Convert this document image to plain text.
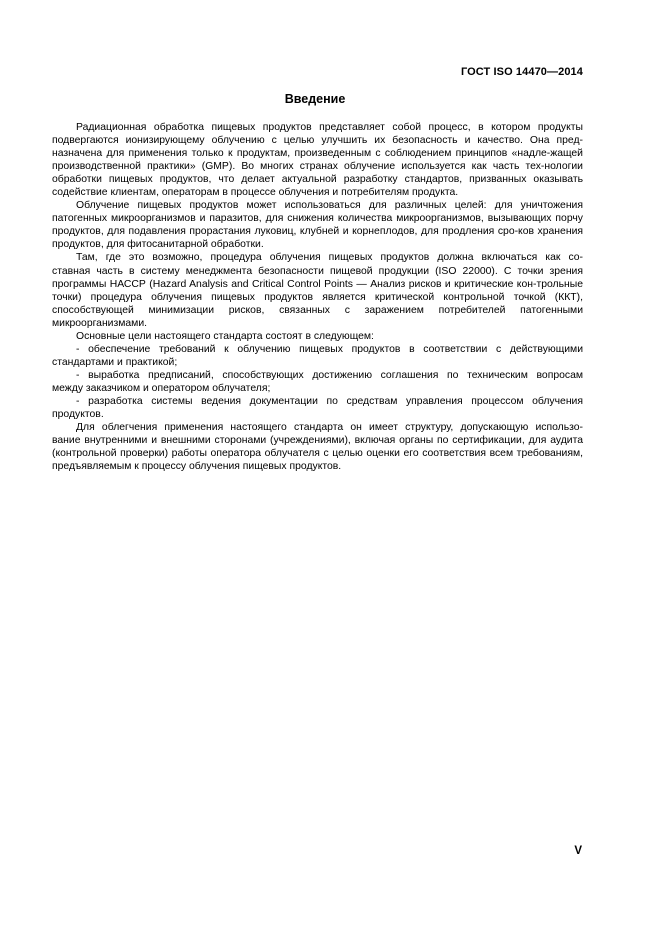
ГОСТ ISO 14470—2014
Введение
Радиационная обработка пищевых продуктов представляет собой процесс, в котором продукты
подвергаются ионизирующему облучению с целью улучшить их безопасность и качество. Она пред-назначена для применения только к продуктам, произведенным с соблюдением принципов «надле-жащей производственной практики» (GMP). Во многих странах облучение используется как часть тех-нологии обработки пищевых продуктов, что делает актуальной разработку стандартов, призванных оказывать содействие клиентам, операторам в процессе облучения и потребителям продукта.
Облучение пищевых продуктов может использоваться для различных целей: для уничтожения
патогенных микроорганизмов и паразитов, для снижения количества микроорганизмов, вызывающих порчу продуктов, для подавления прорастания луковиц, клубней и корнеплодов, для продления сро-ков хранения продуктов, для фитосанитарной обработки.
Там, где это возможно, процедура облучения пищевых продуктов должна включаться как со-
ставная часть в систему менеджмента безопасности пищевой продукции (ISO 22000). С точки зрения программы НАССР (Hazard Analysis and Critical Control Points — Анализ рисков и критические кон-трольные точки) процедура облучения пищевых продуктов является критической контрольной точкой (ККТ), способствующей минимизации рисков, связанных с заражением потребителей патогенными микроорганизмами.
Основные цели настоящего стандарта состоят в следующем:
- обеспечение требований к облучению пищевых продуктов в соответствии с действующими
стандартами и практикой;
- выработка предписаний, способствующих достижению соглашения по техническим вопросам
между заказчиком и оператором облучателя;
- разработка системы ведения документации по средствам управления процессом облучения
продуктов.
Для облегчения применения настоящего стандарта он имеет структуру, допускающую использо-
вание внутренними и внешними сторонами (учреждениями), включая органы по сертификации, для аудита (контрольной проверки) работы оператора облучателя с целью оценки его соответствия всем требованиям, предъявляемым к процессу облучения пищевых продуктов.
V
